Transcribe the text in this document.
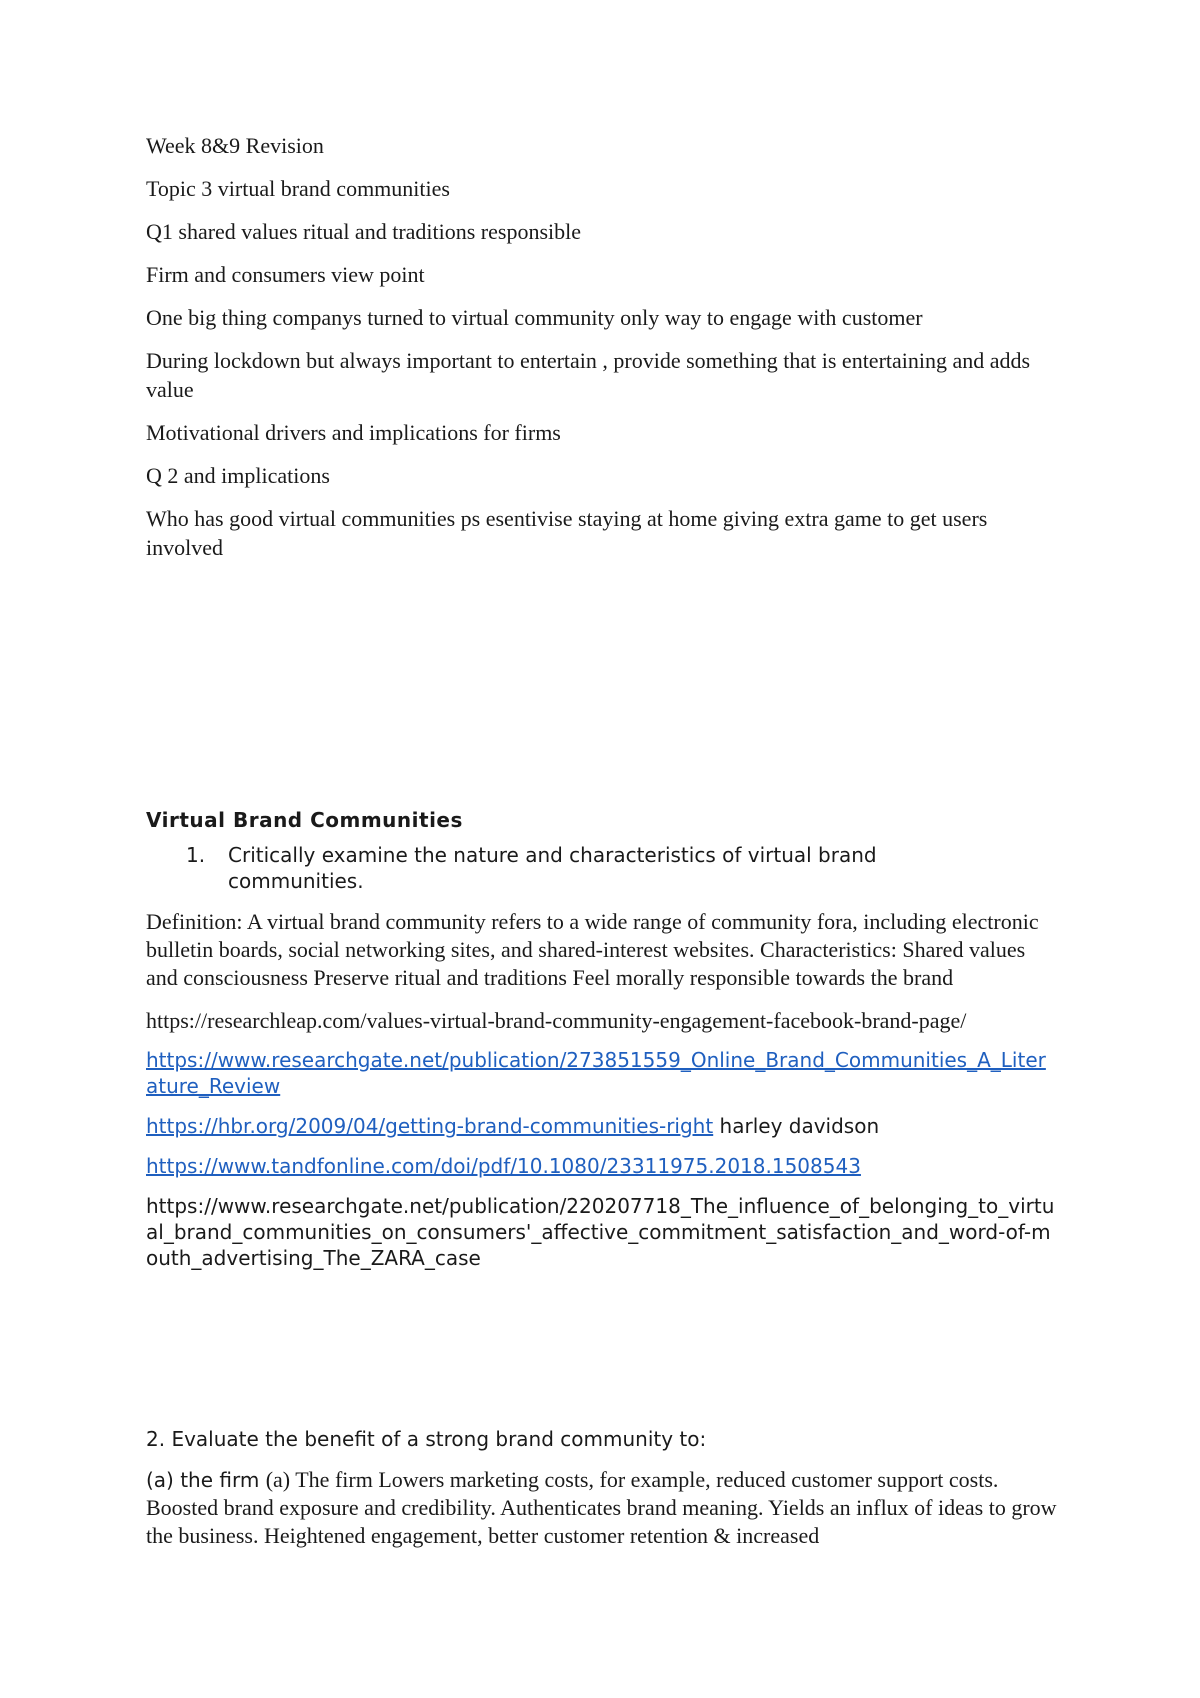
Week 8&9 Revision

Topic 3 virtual brand communities

Q1 shared values ritual and traditions responsible

Firm and consumers view point

One big thing companys turned to virtual community only way to engage with customer

During lockdown but always important to entertain , provide something that is entertaining and adds value

Motivational drivers and implications for firms

Q 2 and implications

Who has good virtual communities ps esentivise staying at home giving extra game to get users involved

Virtual Brand Communities
1.	Critically examine the nature and characteristics of virtual brand communities.

Definition: A virtual brand community refers to a wide range of community fora, including electronic bulletin boards, social networking sites, and shared-interest websites. Characteristics: Shared values and consciousness Preserve ritual and traditions Feel morally responsible towards the brand

https://researchleap.com/values-virtual-brand-community-engagement-facebook-brand-page/

https://www.researchgate.net/publication/273851559_Online_Brand_Communities_A_Literature_Review

https://hbr.org/2009/04/getting-brand-communities-right harley davidson

https://www.tandfonline.com/doi/pdf/10.1080/23311975.2018.1508543

https://www.researchgate.net/publication/220207718_The_influence_of_belonging_to_virtual_brand_communities_on_consumers'_affective_commitment_satisfaction_and_word-of-mouth_advertising_The_ZARA_case

2. Evaluate the benefit of a strong brand community to:

(a) the firm (a) The firm Lowers marketing costs, for example, reduced customer support costs. Boosted brand exposure and credibility. Authenticates brand meaning. Yields an influx of ideas to grow the business. Heightened engagement, better customer retention & increased
